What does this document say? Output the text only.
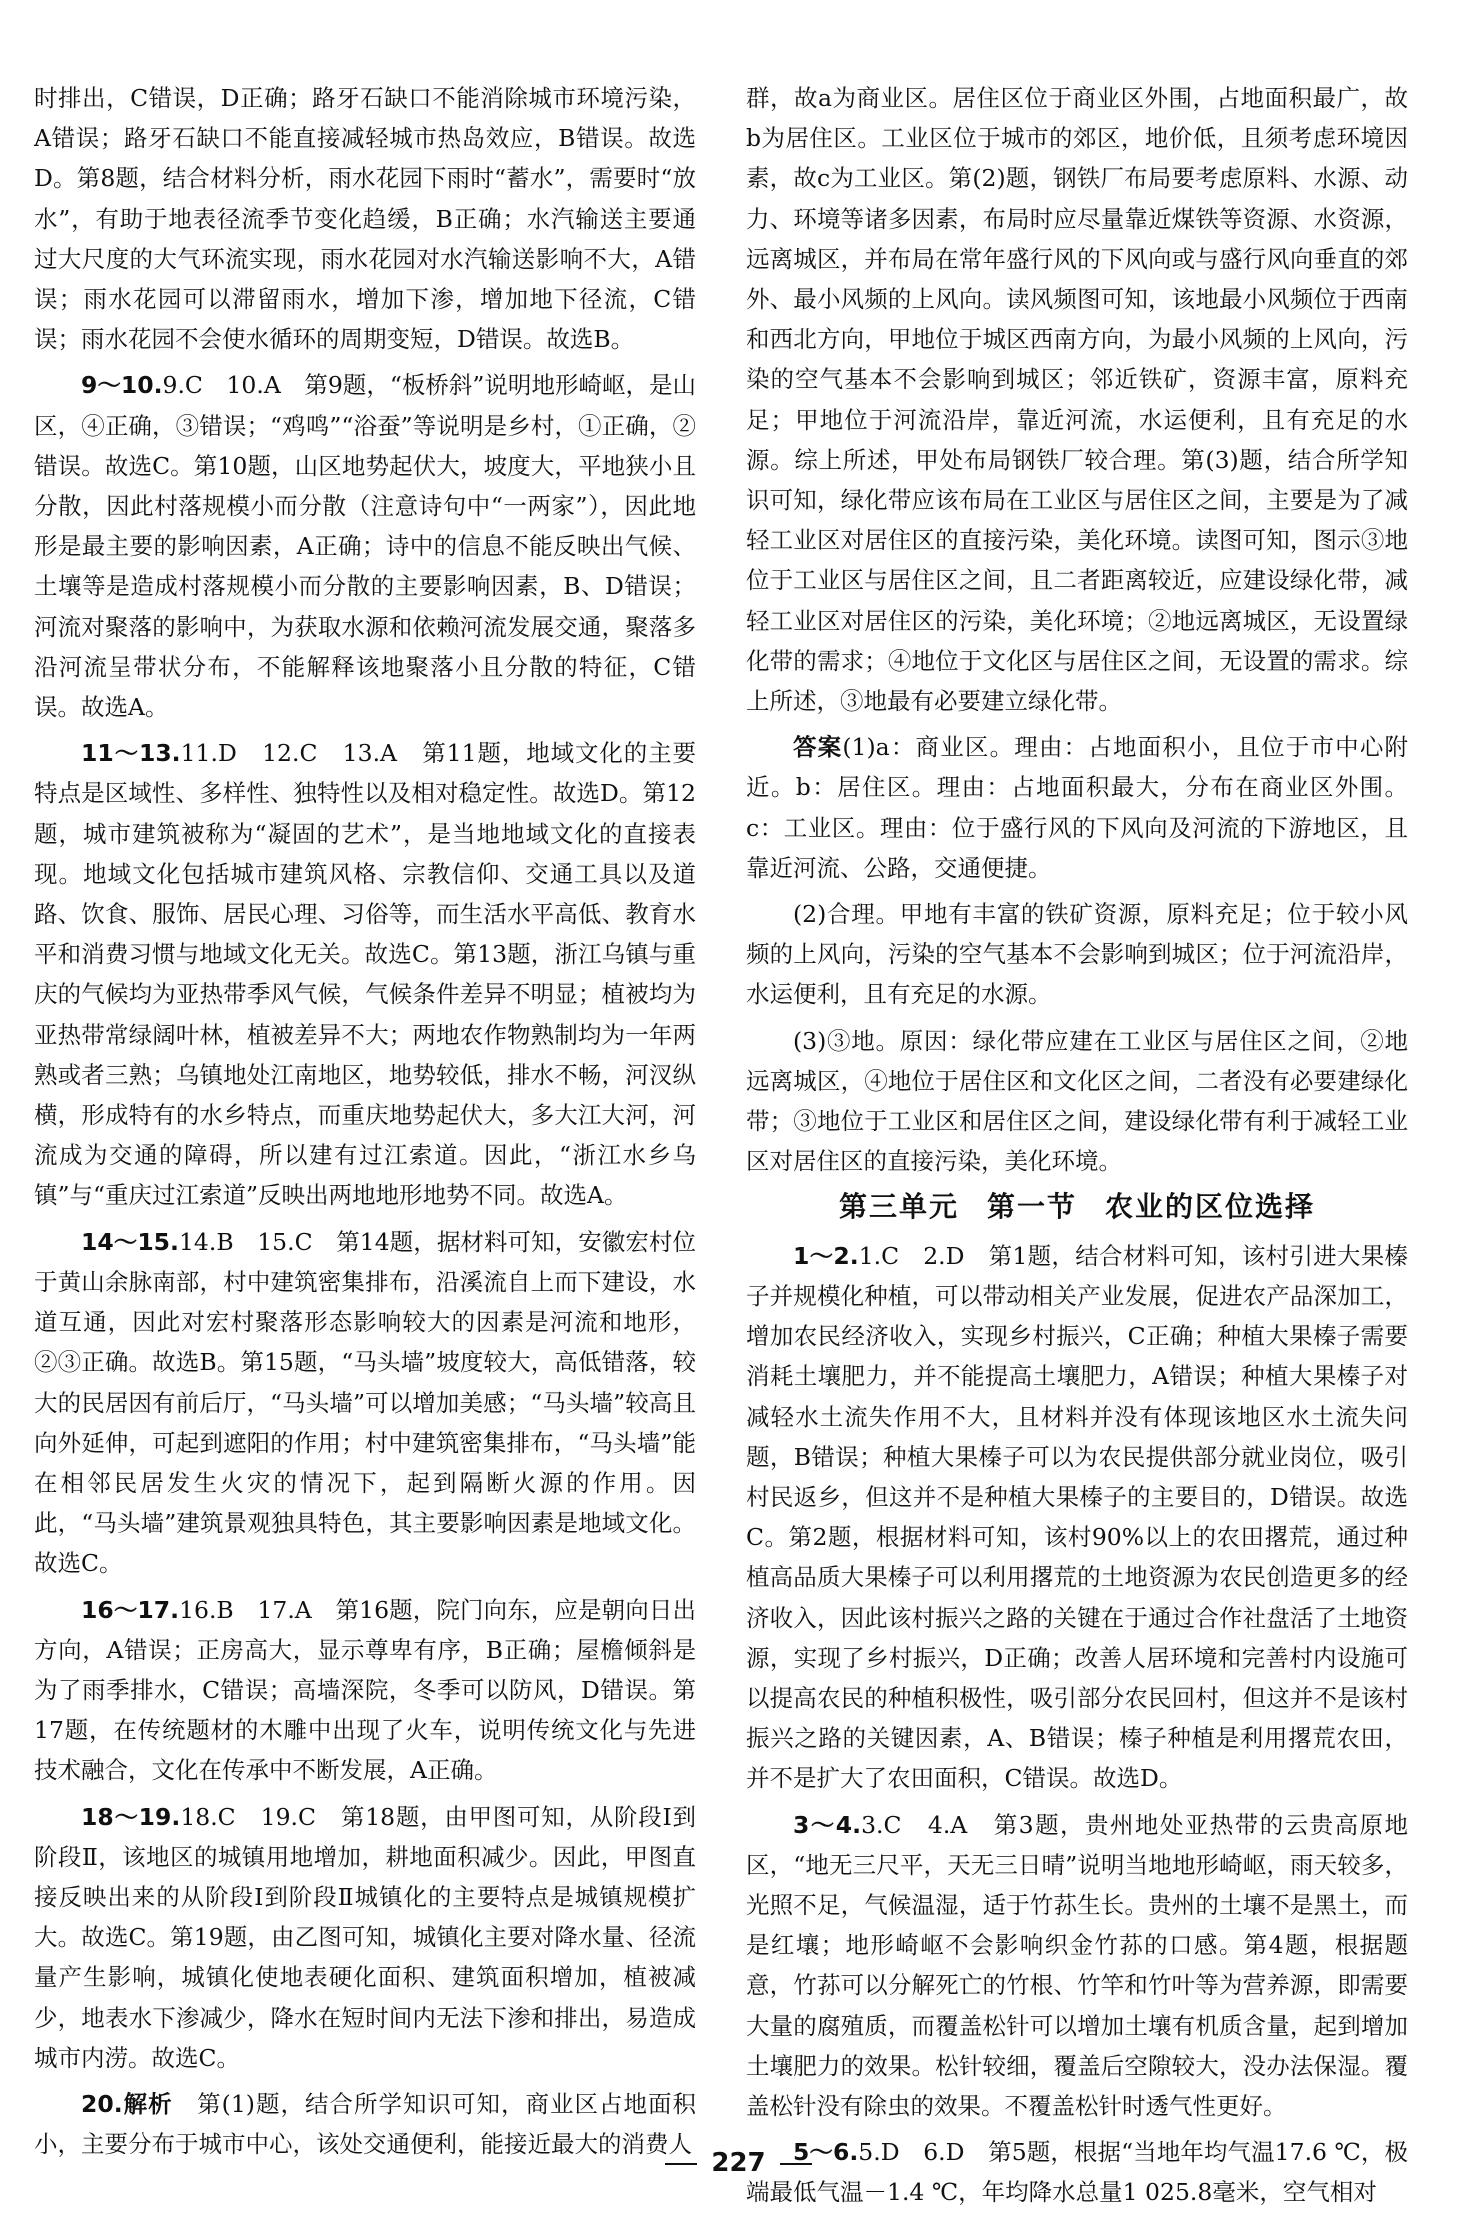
时排出，C错误，D正确；路牙石缺口不能消除城市环境污染，A错误；路牙石缺口不能直接减轻城市热岛效应，B错误。故选D。第8题，结合材料分析，雨水花园下雨时“蓄水”，需要时“放水”，有助于地表径流季节变化趋缓，B正确；水汽输送主要通过大尺度的大气环流实现，雨水花园对水汽输送影响不大，A错误；雨水花园可以滞留雨水，增加下渗，增加地下径流，C错误；雨水花园不会使水循环的周期变短，D错误。故选B。

9～10.9.C　10.A　 第9题，“板桥斜”说明地形崎岖，是山区，④正确，③错误；“鸡鸣”“浴蚕”等说明是乡村，①正确，②错误。故选C。第10题，山区地势起伏大，坡度大，平地狭小且分散，因此村落规模小而分散（注意诗句中“一两家”），因此地形是最主要的影响因素，A正确；诗中的信息不能反映出气候、土壤等是造成村落规模小而分散的主要影响因素，B、D错误；河流对聚落的影响中，为获取水源和依赖河流发展交通，聚落多沿河流呈带状分布，不能解释该地聚落小且分散的特征，C错误。故选A。

11～13.11.D　12.C　13.A　 第11题，地域文化的主要特点是区域性、多样性、独特性以及相对稳定性。故选D。第12题，城市建筑被称为“凝固的艺术”，是当地地域文化的直接表现。地域文化包括城市建筑风格、宗教信仰、交通工具以及道路、饮食、服饰、居民心理、习俗等，而生活水平高低、教育水平和消费习惯与地域文化无关。故选C。第13题，浙江乌镇与重庆的气候均为亚热带季风气候，气候条件差异不明显；植被均为亚热带常绿阔叶林，植被差异不大；两地农作物熟制均为一年两熟或者三熟；乌镇地处江南地区，地势较低，排水不畅，河汊纵横，形成特有的水乡特点，而重庆地势起伏大，多大江大河，河流成为交通的障碍，所以建有过江索道。因此，“浙江水乡乌镇”与“重庆过江索道”反映出两地地形地势不同。故选A。

14～15.14.B　15.C　 第14题，据材料可知，安徽宏村位于黄山余脉南部，村中建筑密集排布，沿溪流自上而下建设，水道互通，因此对宏村聚落形态影响较大的因素是河流和地形，②③正确。故选B。第15题，“马头墙”坡度较大，高低错落，较大的民居因有前后厅，“马头墙”可以增加美感；“马头墙”较高且向外延伸，可起到遮阳的作用；村中建筑密集排布，“马头墙”能在相邻民居发生火灾的情况下，起到隔断火源的作用。因此，“马头墙”建筑景观独具特色，其主要影响因素是地域文化。故选C。

16～17.16.B　17.A　 第16题，院门向东，应是朝向日出方向，A错误；正房高大，显示尊卑有序，B正确；屋檐倾斜是为了雨季排水，C错误；高墙深院，冬季可以防风，D错误。第17题，在传统题材的木雕中出现了火车，说明传统文化与先进技术融合，文化在传承中不断发展，A正确。

18～19.18.C　19.C　 第18题，由甲图可知，从阶段Ⅰ到阶段Ⅱ，该地区的城镇用地增加，耕地面积减少。因此，甲图直接反映出来的从阶段Ⅰ到阶段Ⅱ城镇化的主要特点是城镇规模扩大。故选C。第19题，由乙图可知，城镇化主要对降水量、径流量产生影响，城镇化使地表硬化面积、建筑面积增加，植被减少，地表水下渗减少，降水在短时间内无法下渗和排出，易造成城市内涝。故选C。

20.解析　 第(1)题，结合所学知识可知，商业区占地面积小，主要分布于城市中心，该处交通便利，能接近最大的消费人

群，故a为商业区。居住区位于商业区外围，占地面积最广，故b为居住区。工业区位于城市的郊区，地价低，且须考虑环境因素，故c为工业区。第(2)题，钢铁厂布局要考虑原料、水源、动力、环境等诸多因素，布局时应尽量靠近煤铁等资源、水资源，远离城区，并布局在常年盛行风的下风向或与盛行风向垂直的郊外、最小风频的上风向。读风频图可知，该地最小风频位于西南和西北方向，甲地位于城区西南方向，为最小风频的上风向，污染的空气基本不会影响到城区；邻近铁矿，资源丰富，原料充足；甲地位于河流沿岸，靠近河流，水运便利，且有充足的水源。综上所述，甲处布局钢铁厂较合理。第(3)题，结合所学知识可知，绿化带应该布局在工业区与居住区之间，主要是为了减轻工业区对居住区的直接污染，美化环境。读图可知，图示③地位于工业区与居住区之间，且二者距离较近，应建设绿化带，减轻工业区对居住区的污染，美化环境；②地远离城区，无设置绿化带的需求；④地位于文化区与居住区之间，无设置的需求。综上所述，③地最有必要建立绿化带。

答案(1)a：商业区。理由：占地面积小，且位于市中心附近。b：居住区。理由：占地面积最大，分布在商业区外围。c：工业区。理由：位于盛行风的下风向及河流的下游地区，且靠近河流、公路，交通便捷。

(2)合理。甲地有丰富的铁矿资源，原料充足；位于较小风频的上风向，污染的空气基本不会影响到城区；位于河流沿岸，水运便利，且有充足的水源。

(3)③地。原因：绿化带应建在工业区与居住区之间，②地远离城区，④地位于居住区和文化区之间，二者没有必要建绿化带；③地位于工业区和居住区之间，建设绿化带有利于减轻工业区对居住区的直接污染，美化环境。

第三单元 第一节 农业的区位选择

1～2.1.C　2.D　 第1题，结合材料可知，该村引进大果榛子并规模化种植，可以带动相关产业发展，促进农产品深加工，增加农民经济收入，实现乡村振兴，C正确；种植大果榛子需要消耗土壤肥力，并不能提高土壤肥力，A错误；种植大果榛子对减轻水土流失作用不大，且材料并没有体现该地区水土流失问题，B错误；种植大果榛子可以为农民提供部分就业岗位，吸引村民返乡，但这并不是种植大果榛子的主要目的，D错误。故选C。第2题，根据材料可知，该村90%以上的农田撂荒，通过种植高品质大果榛子可以利用撂荒的土地资源为农民创造更多的经济收入，因此该村振兴之路的关键在于通过合作社盘活了土地资源，实现了乡村振兴，D正确；改善人居环境和完善村内设施可以提高农民的种植积极性，吸引部分农民回村，但这并不是该村振兴之路的关键因素，A、B错误；榛子种植是利用撂荒农田，并不是扩大了农田面积，C错误。故选D。

3～4.3.C　4.A　 第3题，贵州地处亚热带的云贵高原地区，“地无三尺平，天无三日晴”说明当地地形崎岖，雨天较多，光照不足，气候温湿，适于竹荪生长。贵州的土壤不是黑土，而是红壤；地形崎岖不会影响织金竹荪的口感。第4题，根据题意，竹荪可以分解死亡的竹根、竹竿和竹叶等为营养源，即需要大量的腐殖质，而覆盖松针可以增加土壤有机质含量，起到增加土壤肥力的效果。松针较细，覆盖后空隙较大，没办法保湿。覆盖松针没有除虫的效果。不覆盖松针时透气性更好。

5～6.5.D　6.D　 第5题，根据“当地年均气温17.6 ℃，极端最低气温－1.4 ℃，年均降水总量1 025.8毫米，空气相对

227
